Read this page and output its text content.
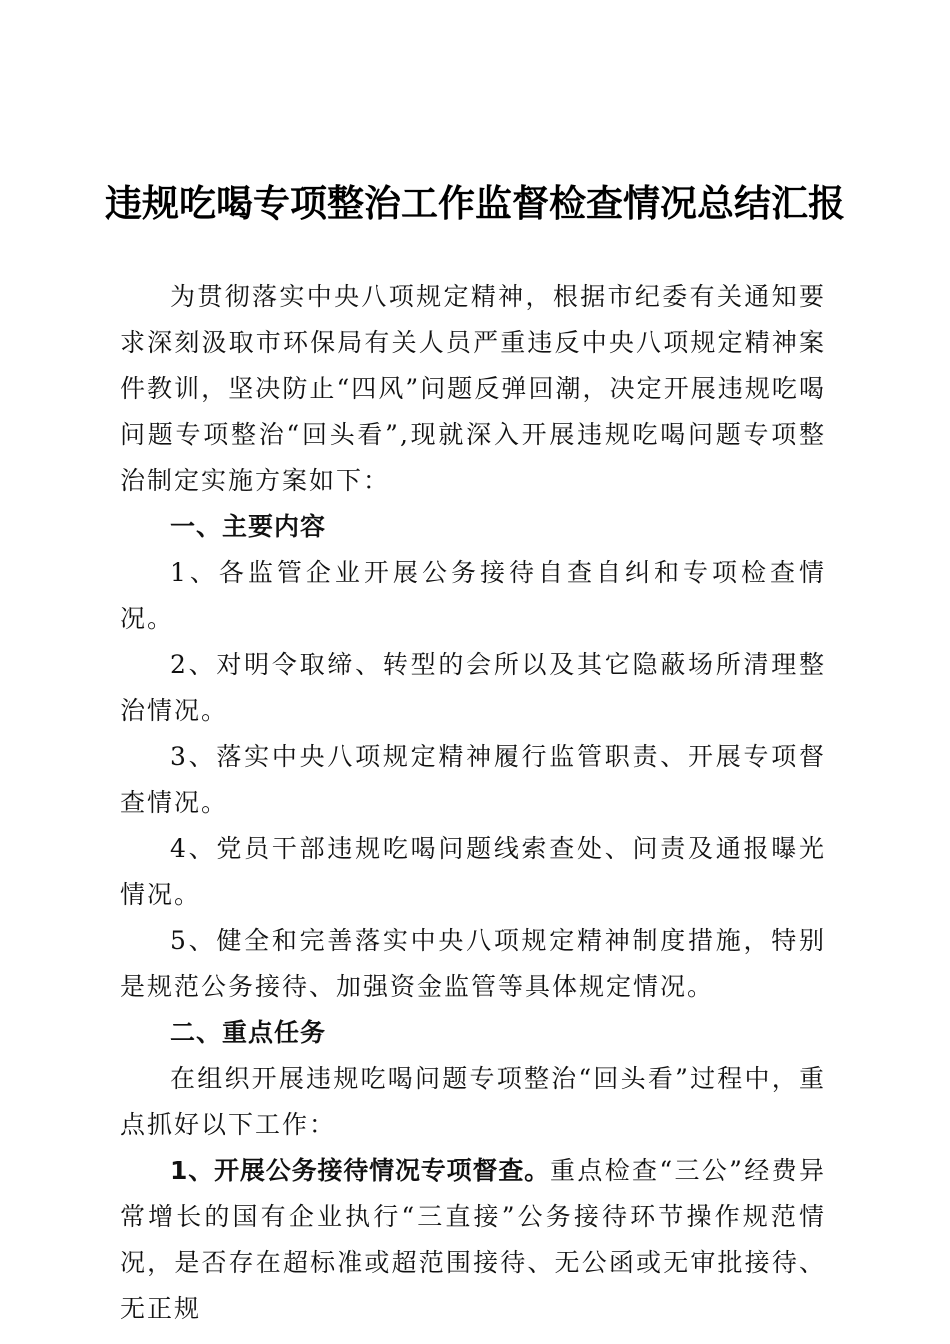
违规吃喝专项整治工作监督检查情况总结汇报

为贯彻落实中央八项规定精神，根据市纪委有关通知要求深刻汲取市环保局有关人员严重违反中央八项规定精神案件教训，坚决防止“四风”问题反弹回潮，决定开展违规吃喝问题专项整治“回头看”,现就深入开展违规吃喝问题专项整治制定实施方案如下：

一、主要内容

1、各监管企业开展公务接待自查自纠和专项检查情况。

2、对明令取缔、转型的会所以及其它隐蔽场所清理整治情况。

3、落实中央八项规定精神履行监管职责、开展专项督查情况。

4、党员干部违规吃喝问题线索查处、问责及通报曝光情况。

5、健全和完善落实中央八项规定精神制度措施，特别是规范公务接待、加强资金监管等具体规定情况。

二、重点任务

在组织开展违规吃喝问题专项整治“回头看”过程中，重点抓好以下工作：

1、开展公务接待情况专项督查。重点检查“三公”经费异常增长的国有企业执行“三直接”公务接待环节操作规范情况，是否存在超标准或超范围接待、无公函或无审批接待、无正规
